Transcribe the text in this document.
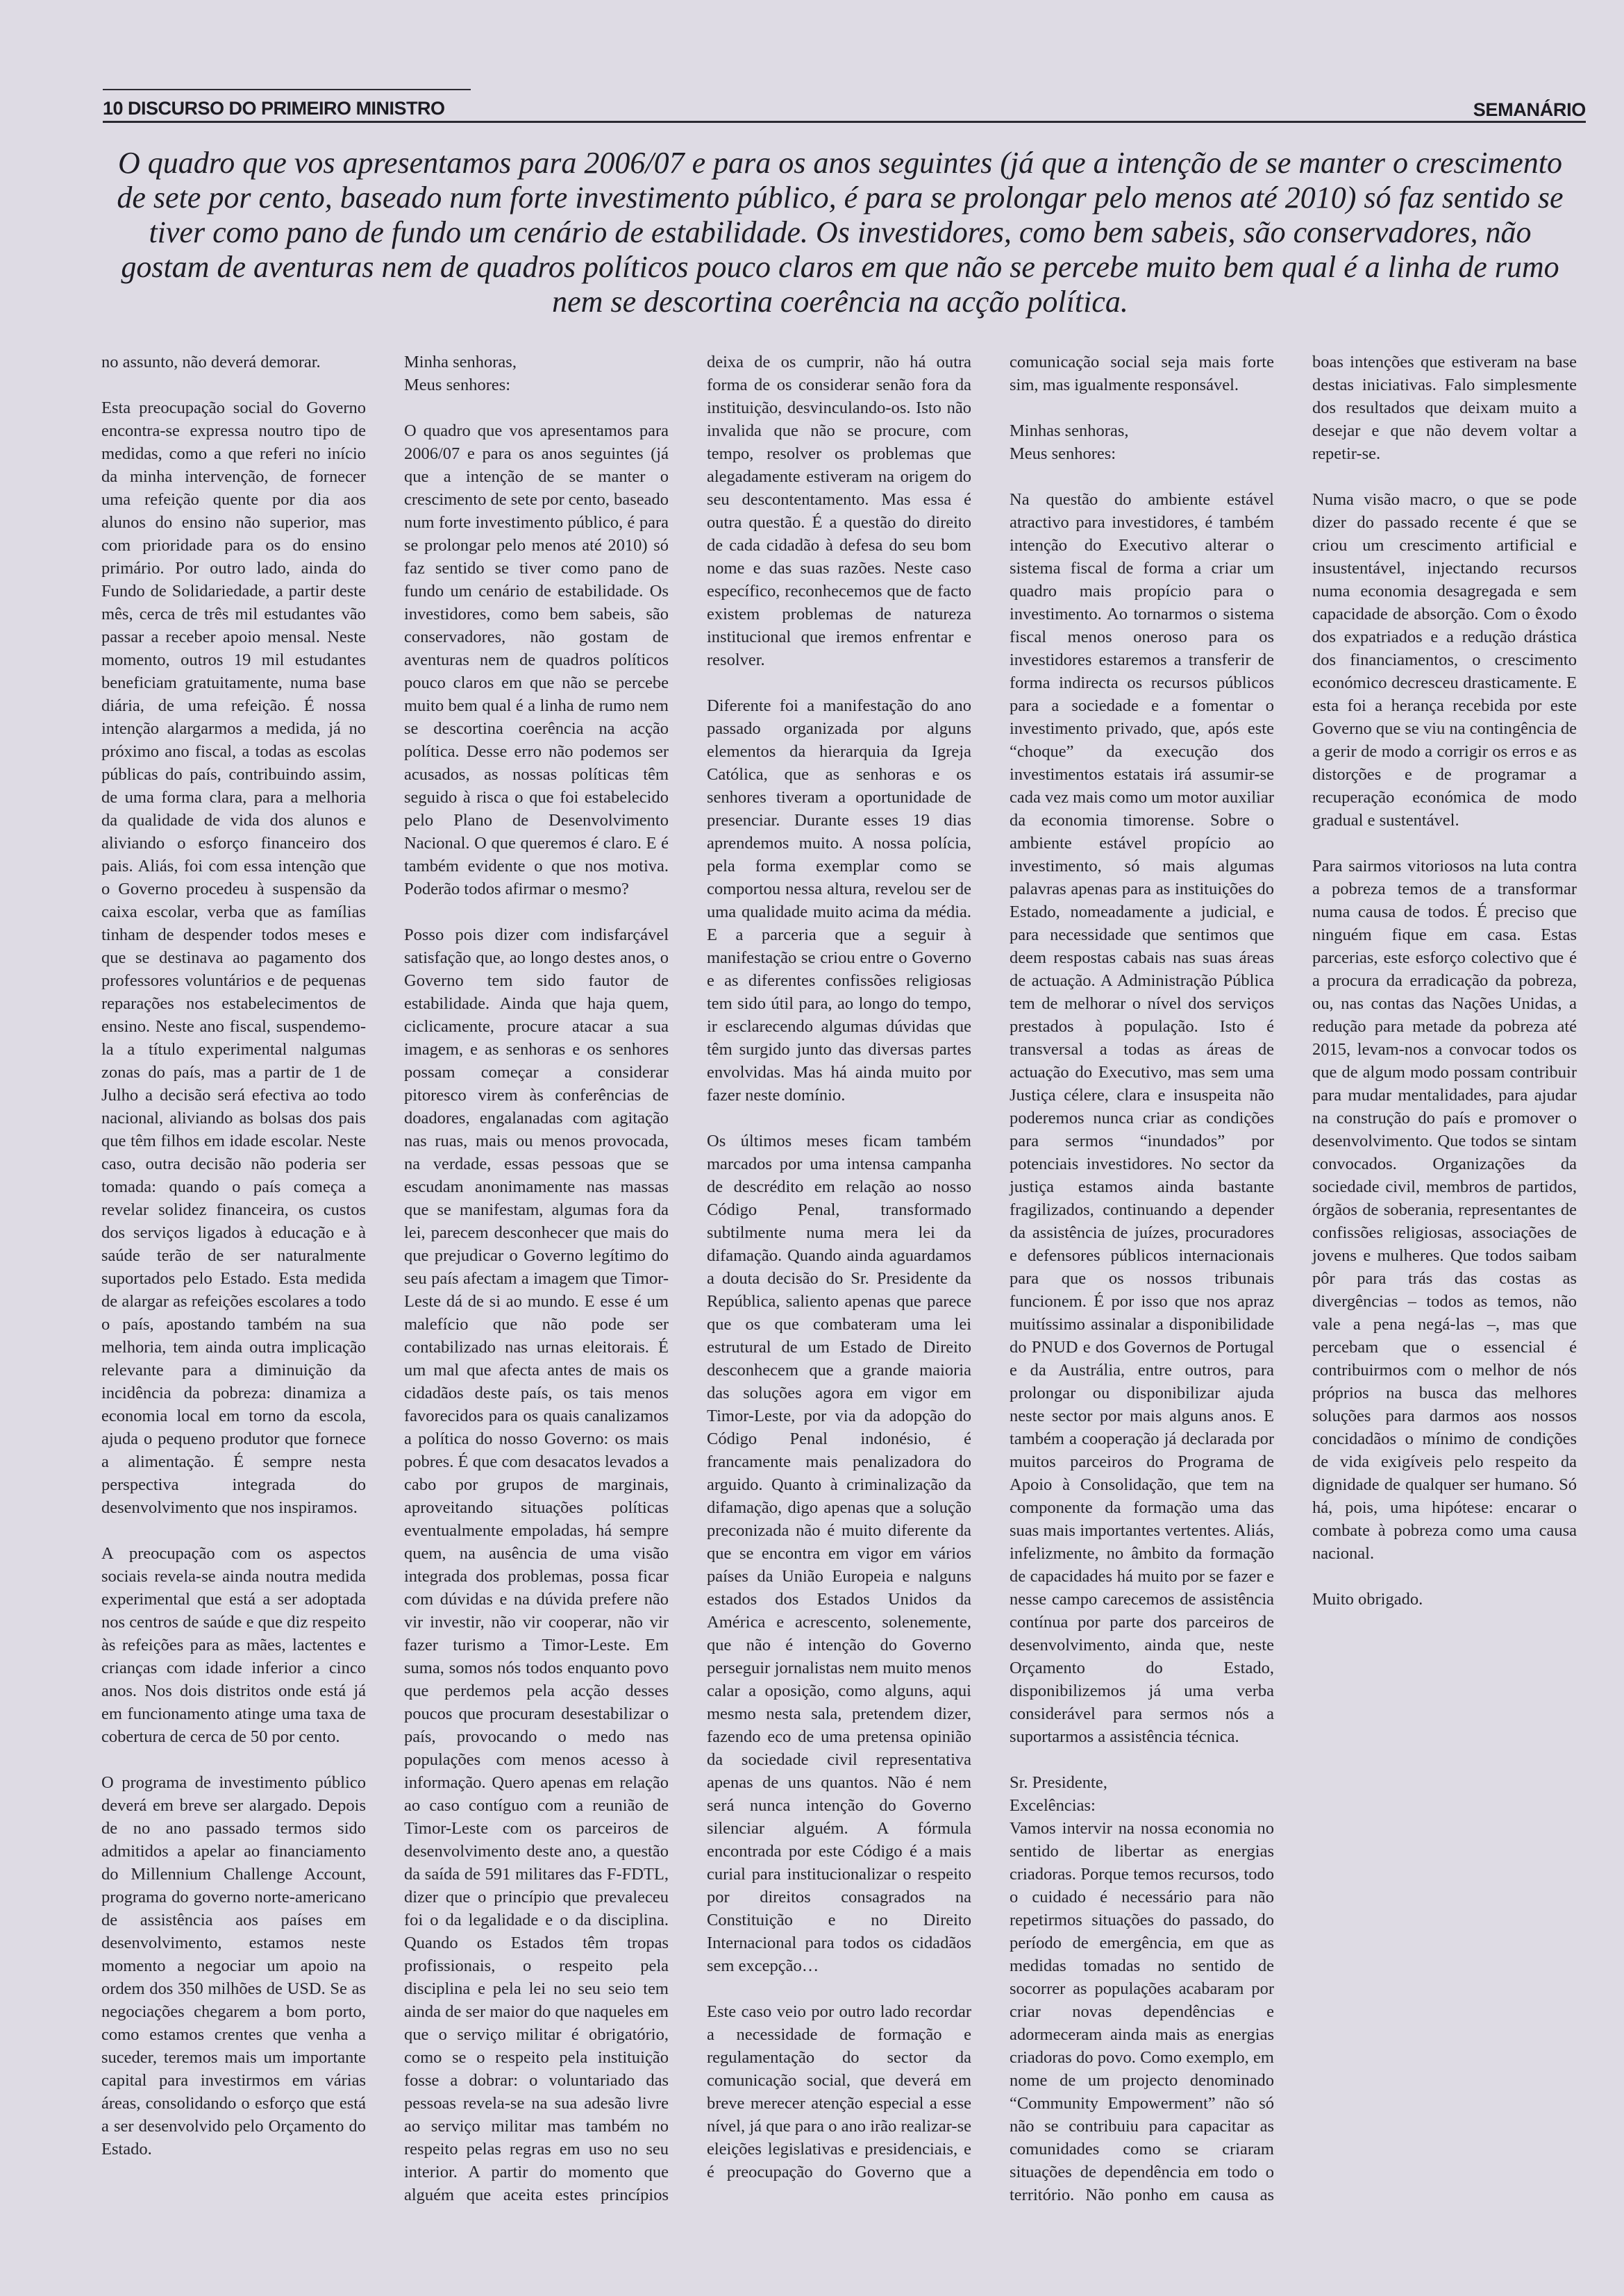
10 DISCURSO DO PRIMEIRO MINISTRO	SEMANÁRIO
O quadro que vos apresentamos para 2006/07 e para os anos seguintes (já que a intenção de se manter o crescimento de sete por cento, baseado num forte investimento público, é para se prolongar pelo menos até 2010) só faz sentido se tiver como pano de fundo um cenário de estabilidade. Os investidores, como bem sabeis, são conservadores, não gostam de aventuras nem de quadros políticos pouco claros em que não se percebe muito bem qual é a linha de rumo nem se descortina coerência na acção política.

no assunto, não deverá demorar.

Esta preocupação social do Governo encontra-se expressa noutro tipo de medidas, como a que referi no início da minha intervenção, de fornecer uma refeição quente por dia aos alunos do ensino não superior, mas com prioridade para os do ensino primário. Por outro lado, ainda do Fundo de Solidariedade, a partir deste mês, cerca de três mil estudantes vão passar a receber apoio mensal. Neste momento, outros 19 mil estudantes beneficiam gratuitamente, numa base diária, de uma refeição. É nossa intenção alargarmos a medida, já no próximo ano fiscal, a todas as escolas públicas do país, contribuindo assim, de uma forma clara, para a melhoria da qualidade de vida dos alunos e aliviando o esforço financeiro dos pais. Aliás, foi com essa intenção que o Governo procedeu à suspensão da caixa escolar, verba que as famílias tinham de despender todos meses e que se destinava ao pagamento dos professores voluntários e de pequenas reparações nos estabelecimentos de ensino. Neste ano fiscal, suspendemo-la a título experimental nalgumas zonas do país, mas a partir de 1 de Julho a decisão será efectiva ao todo nacional, aliviando as bolsas dos pais que têm filhos em idade escolar. Neste caso, outra decisão não poderia ser tomada: quando o país começa a revelar solidez financeira, os custos dos serviços ligados à educação e à saúde terão de ser naturalmente suportados pelo Estado. Esta medida de alargar as refeições escolares a todo o país, apostando também na sua melhoria, tem ainda outra implicação relevante para a diminuição da incidência da pobreza: dinamiza a economia local em torno da escola, ajuda o pequeno produtor que fornece a alimentação. É sempre nesta perspectiva integrada do desenvolvimento que nos inspiramos.

A preocupação com os aspectos sociais revela-se ainda noutra medida experimental que está a ser adoptada nos centros de saúde e que diz respeito às refeições para as mães, lactentes e crianças com idade inferior a cinco anos. Nos dois distritos onde está já em funcionamento atinge uma taxa de cobertura de cerca de 50 por cento.

O programa de investimento público deverá em breve ser alargado. Depois de no ano passado termos sido admitidos a apelar ao financiamento do Millennium Challenge Account, programa do governo norte-americano de assistência aos países em desenvolvimento, estamos neste momento a negociar um apoio na ordem dos 350 milhões de USD. Se as negociações chegarem a bom porto, como estamos crentes que venha a suceder, teremos mais um importante capital para investirmos em várias áreas, consolidando o esforço que está a ser desenvolvido pelo Orçamento do Estado.

Minha senhoras,
Meus senhores:

O quadro que vos apresentamos para 2006/07 e para os anos seguintes (já que a intenção de se manter o crescimento de sete por cento, baseado num forte investimento público, é para se prolongar pelo menos até 2010) só faz sentido se tiver como pano de fundo um cenário de estabilidade. Os investidores, como bem sabeis, são conservadores, não gostam de aventuras nem de quadros políticos pouco claros em que não se percebe muito bem qual é a linha de rumo nem se descortina coerência na acção política. Desse erro não podemos ser acusados, as nossas políticas têm seguido à risca o que foi estabelecido pelo Plano de Desenvolvimento Nacional. O que queremos é claro. E é também evidente o que nos motiva. Poderão todos afirmar o mesmo?

Posso pois dizer com indisfarçável satisfação que, ao longo destes anos, o Governo tem sido fautor de estabilidade. Ainda que haja quem, ciclicamente, procure atacar a sua imagem, e as senhoras e os senhores possam começar a considerar pitoresco virem às conferências de doadores, engalanadas com agitação nas ruas, mais ou menos provocada, na verdade, essas pessoas que se escudam anonimamente nas massas que se manifestam, algumas fora da lei, parecem desconhecer que mais do que prejudicar o Governo legítimo do seu país afectam a imagem que Timor-Leste dá de si ao mundo. E esse é um malefício que não pode ser contabilizado nas urnas eleitorais. É um mal que afecta antes de mais os cidadãos deste país, os tais menos favorecidos para os quais canalizamos a política do nosso Governo: os mais pobres. É que com desacatos levados a cabo por grupos de marginais, aproveitando situações políticas eventualmente empoladas, há sempre quem, na ausência de uma visão integrada dos problemas, possa ficar com dúvidas e na dúvida prefere não vir investir, não vir cooperar, não vir fazer turismo a Timor-Leste. Em suma, somos nós todos enquanto povo que perdemos pela acção desses poucos que procuram desestabilizar o país, provocando o medo nas populações com menos acesso à informação. Quero apenas em relação ao caso contíguo com a reunião de Timor-Leste com os parceiros de desenvolvimento deste ano, a questão da saída de 591 militares das F-FDTL, dizer que o princípio que prevaleceu foi o da legalidade e o da disciplina. Quando os Estados têm tropas profissionais, o respeito pela disciplina e pela lei no seu seio tem ainda de ser maior do que naqueles em que o serviço militar é obrigatório, como se o respeito pela instituição fosse a dobrar: o voluntariado das pessoas revela-se na sua adesão livre ao serviço militar mas também no respeito pelas regras em uso no seu interior. A partir do momento que alguém que aceita estes princípios deixa de os cumprir, não há outra forma de os considerar senão fora da instituição, desvinculando-os. Isto não invalida que não se procure, com tempo, resolver os problemas que alegadamente estiveram na origem do seu descontentamento. Mas essa é outra questão. É a questão do direito de cada cidadão à defesa do seu bom nome e das suas razões. Neste caso específico, reconhecemos que de facto existem problemas de natureza institucional que iremos enfrentar e resolver.

Diferente foi a manifestação do ano passado organizada por alguns elementos da hierarquia da Igreja Católica, que as senhoras e os senhores tiveram a oportunidade de presenciar. Durante esses 19 dias aprendemos muito. A nossa polícia, pela forma exemplar como se comportou nessa altura, revelou ser de uma qualidade muito acima da média. E a parceria que a seguir à manifestação se criou entre o Governo e as diferentes confissões religiosas tem sido útil para, ao longo do tempo, ir esclarecendo algumas dúvidas que têm surgido junto das diversas partes envolvidas. Mas há ainda muito por fazer neste domínio.

Os últimos meses ficam também marcados por uma intensa campanha de descrédito em relação ao nosso Código Penal, transformado subtilmente numa mera lei da difamação. Quando ainda aguardamos a douta decisão do Sr. Presidente da República, saliento apenas que parece que os que combateram uma lei estrutural de um Estado de Direito desconhecem que a grande maioria das soluções agora em vigor em Timor-Leste, por via da adopção do Código Penal indonésio, é francamente mais penalizadora do arguido. Quanto à criminalização da difamação, digo apenas que a solução preconizada não é muito diferente da que se encontra em vigor em vários países da União Europeia e nalguns estados dos Estados Unidos da América e acrescento, solenemente, que não é intenção do Governo perseguir jornalistas nem muito menos calar a oposição, como alguns, aqui mesmo nesta sala, pretendem dizer, fazendo eco de uma pretensa opinião da sociedade civil representativa apenas de uns quantos. Não é nem será nunca intenção do Governo silenciar alguém. A fórmula encontrada por este Código é a mais curial para institucionalizar o respeito por direitos consagrados na Constituição e no Direito Internacional para todos os cidadãos sem excepção…

Este caso veio por outro lado recordar a necessidade de formação e regulamentação do sector da comunicação social, que deverá em breve merecer atenção especial a esse nível, já que para o ano irão realizar-se eleições legislativas e presidenciais, e é preocupação do Governo que a comunicação social seja mais forte sim, mas igualmente responsável.

Minhas senhoras,
Meus senhores:

Na questão do ambiente estável atractivo para investidores, é também intenção do Executivo alterar o sistema fiscal de forma a criar um quadro mais propício para o investimento. Ao tornarmos o sistema fiscal menos oneroso para os investidores estaremos a transferir de forma indirecta os recursos públicos para a sociedade e a fomentar o investimento privado, que, após este “choque” da execução dos investimentos estatais irá assumir-se cada vez mais como um motor auxiliar da economia timorense. Sobre o ambiente estável propício ao investimento, só mais algumas palavras apenas para as instituições do Estado, nomeadamente a judicial, e para necessidade que sentimos que deem respostas cabais nas suas áreas de actuação. A Administração Pública tem de melhorar o nível dos serviços prestados à população. Isto é transversal a todas as áreas de actuação do Executivo, mas sem uma Justiça célere, clara e insuspeita não poderemos nunca criar as condições para sermos “inundados” por potenciais investidores. No sector da justiça estamos ainda bastante fragilizados, continuando a depender da assistência de juízes, procuradores e defensores públicos internacionais para que os nossos tribunais funcionem. É por isso que nos apraz muitíssimo assinalar a disponibilidade do PNUD e dos Governos de Portugal e da Austrália, entre outros, para prolongar ou disponibilizar ajuda neste sector por mais alguns anos. E também a cooperação já declarada por muitos parceiros do Programa de Apoio à Consolidação, que tem na componente da formação uma das suas mais importantes vertentes. Aliás, infelizmente, no âmbito da formação de capacidades há muito por se fazer e nesse campo carecemos de assistência contínua por parte dos parceiros de desenvolvimento, ainda que, neste Orçamento do Estado, disponibilizemos já uma verba considerável para sermos nós a suportarmos a assistência técnica.

Sr. Presidente,
Excelências:
Vamos intervir na nossa economia no sentido de libertar as energias criadoras. Porque temos recursos, todo o cuidado é necessário para não repetirmos situações do passado, do período de emergência, em que as medidas tomadas no sentido de socorrer as populações acabaram por criar novas dependências e adormeceram ainda mais as energias criadoras do povo. Como exemplo, em nome de um projecto denominado “Community Empowerment” não só não se contribuiu para capacitar as comunidades como se criaram situações de dependência em todo o território. Não ponho em causa as boas intenções que estiveram na base destas iniciativas. Falo simplesmente dos resultados que deixam muito a desejar e que não devem voltar a repetir-se.

Numa visão macro, o que se pode dizer do passado recente é que se criou um crescimento artificial e insustentável, injectando recursos numa economia desagregada e sem capacidade de absorção. Com o êxodo dos expatriados e a redução drástica dos financiamentos, o crescimento económico decresceu drasticamente. E esta foi a herança recebida por este Governo que se viu na contingência de a gerir de modo a corrigir os erros e as distorções e de programar a recuperação económica de modo gradual e sustentável.

Para sairmos vitoriosos na luta contra a pobreza temos de a transformar numa causa de todos. É preciso que ninguém fique em casa. Estas parcerias, este esforço colectivo que é a procura da erradicação da pobreza, ou, nas contas das Nações Unidas, a redução para metade da pobreza até 2015, levam-nos a convocar todos os que de algum modo possam contribuir para mudar mentalidades, para ajudar na construção do país e promover o desenvolvimento. Que todos se sintam convocados. Organizações da sociedade civil, membros de partidos, órgãos de soberania, representantes de confissões religiosas, associações de jovens e mulheres. Que todos saibam pôr para trás das costas as divergências – todos as temos, não vale a pena negá-las –, mas que percebam que o essencial é contribuirmos com o melhor de nós próprios na busca das melhores soluções para darmos aos nossos concidadãos o mínimo de condições de vida exigíveis pelo respeito da dignidade de qualquer ser humano. Só há, pois, uma hipótese: encarar o combate à pobreza como uma causa nacional.

Muito obrigado.
